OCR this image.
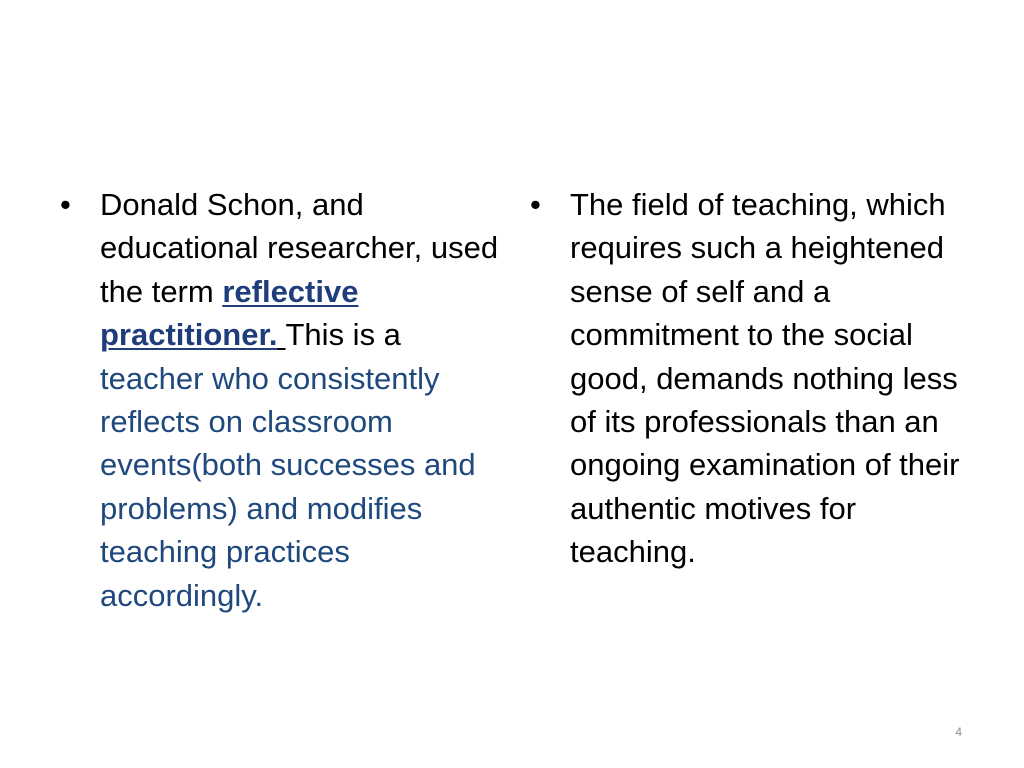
• Donald Schon, and educational researcher, used the term reflective practitioner. This is a teacher who consistently reflects on classroom events(both successes and problems) and modifies teaching practices accordingly.
• The field of teaching, which requires such a heightened sense of self and a commitment to the social good, demands nothing less of its professionals than an ongoing examination of their authentic motives for teaching.
4
